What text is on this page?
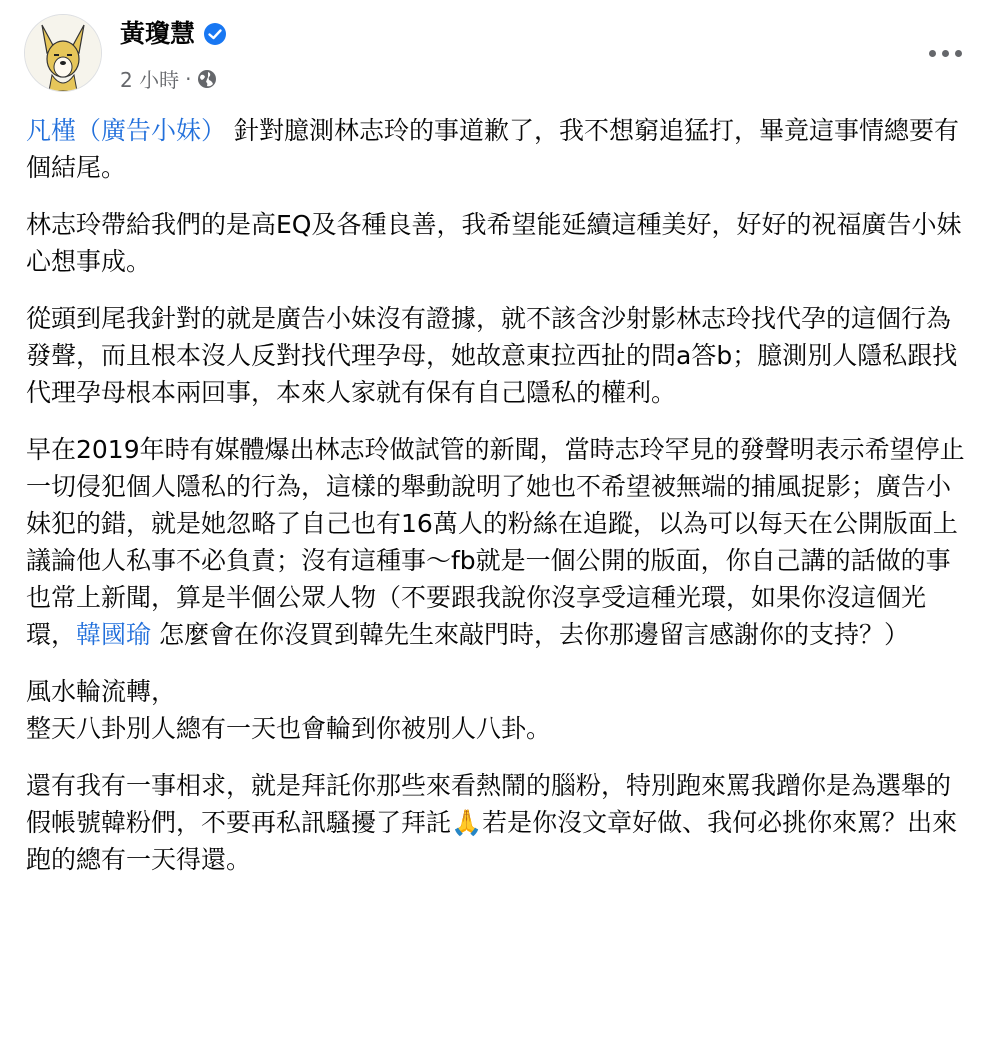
黃瓊慧
2 小時 ·

凡槿（廣告小妹） 針對臆測林志玲的事道歉了，我不想窮追猛打，畢竟這事情總要有個結尾。

林志玲帶給我們的是高EQ及各種良善，我希望能延續這種美好，好好的祝福廣告小妹心想事成。

從頭到尾我針對的就是廣告小妹沒有證據，就不該含沙射影林志玲找代孕的這個行為發聲，而且根本沒人反對找代理孕母，她故意東拉西扯的問a答b；臆測別人隱私跟找代理孕母根本兩回事，本來人家就有保有自己隱私的權利。

早在2019年時有媒體爆出林志玲做試管的新聞，當時志玲罕見的發聲明表示希望停止一切侵犯個人隱私的行為，這樣的舉動說明了她也不希望被無端的捕風捉影；廣告小妹犯的錯，就是她忽略了自己也有16萬人的粉絲在追蹤，以為可以每天在公開版面上議論他人私事不必負責；沒有這種事～fb就是一個公開的版面，你自己講的話做的事也常上新聞，算是半個公眾人物（不要跟我說你沒享受這種光環，如果你沒這個光環，韓國瑜 怎麼會在你沒買到韓先生來敲門時，去你那邊留言感謝你的支持？）

風水輪流轉，
整天八卦別人總有一天也會輪到你被別人八卦。

還有我有一事相求，就是拜託你那些來看熱鬧的腦粉，特別跑來罵我蹭你是為選舉的假帳號韓粉們，不要再私訊騷擾了拜託🙏若是你沒文章好做、我何必挑你來罵？出來跑的總有一天得還。
